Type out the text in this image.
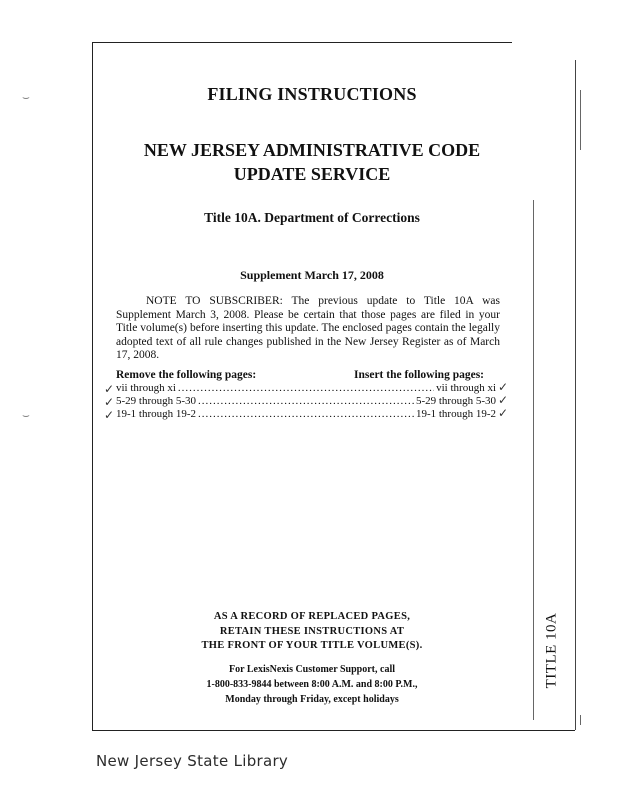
⌣
⌣
FILING INSTRUCTIONS
NEW JERSEY ADMINISTRATIVE CODE
UPDATE SERVICE
Title 10A. Department of Corrections
Supplement March 17, 2008
NOTE TO SUBSCRIBER: The previous update to Title 10A was Supplement March 3, 2008. Please be certain that those pages are filed in your Title volume(s) before inserting this update. The enclosed pages contain the legally adopted text of all rule changes published in the New Jersey Register as of March 17, 2008.
Remove the following pages:	Insert the following pages:
vii through xi .....	vii through xi
5-29 through 5-30 .....	5-29 through 5-30
19-1 through 19-2 .....	19-1 through 19-2
✓
✓
✓
✓
✓
✓
AS A RECORD OF REPLACED PAGES,
RETAIN THESE INSTRUCTIONS AT
THE FRONT OF YOUR TITLE VOLUME(S).
For LexisNexis Customer Support, call
1-800-833-9844 between 8:00 A.M. and 8:00 P.M.,
Monday through Friday, except holidays
TITLE 10A
New Jersey State Library
